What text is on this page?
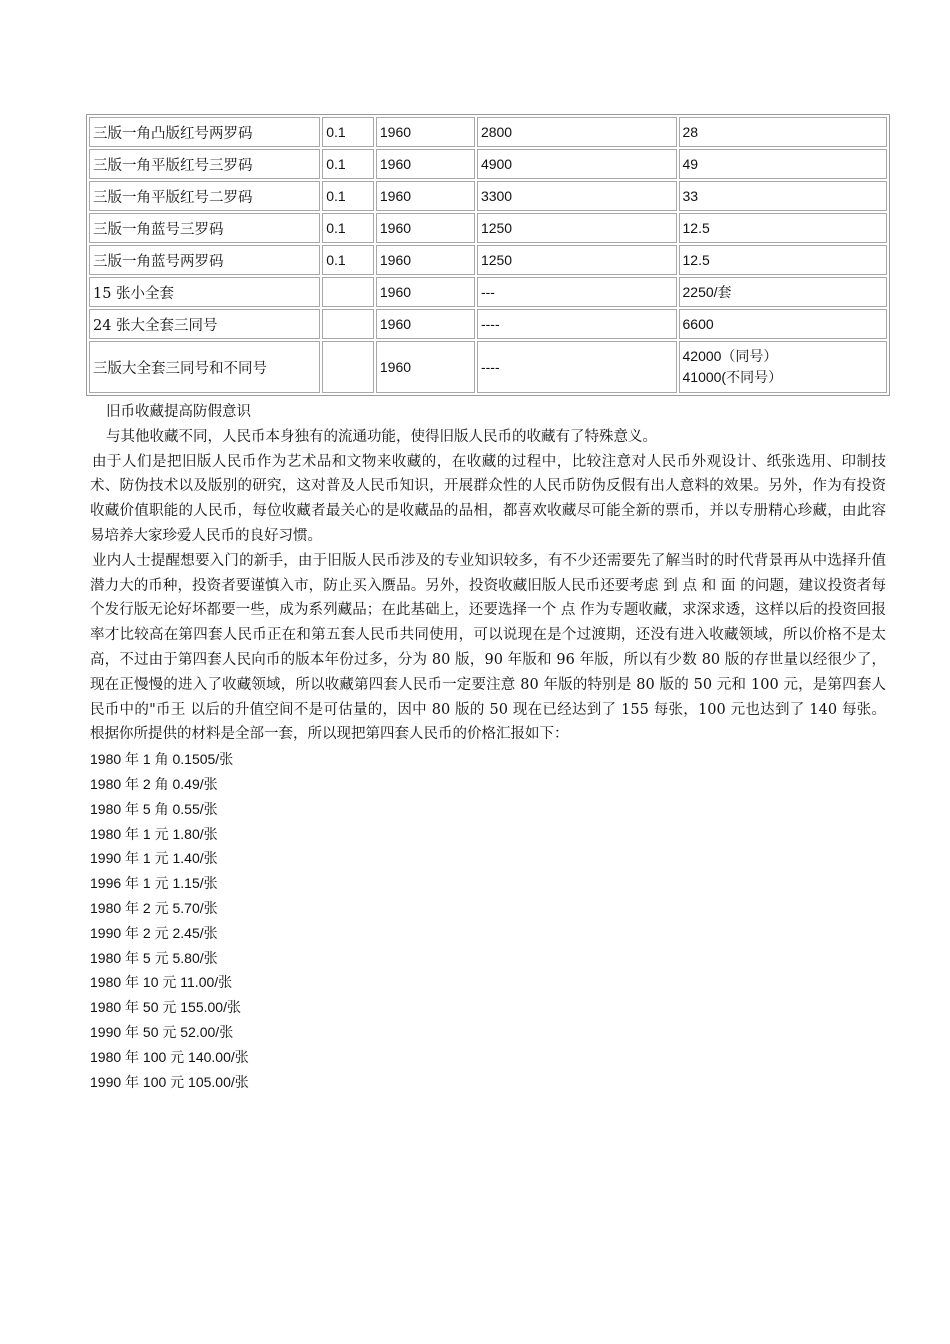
三版一角凸版红号两罗码	0.1	1960	2800	28
三版一角平版红号三罗码	0.1	1960	4900	49
三版一角平版红号二罗码	0.1	1960	3300	33
三版一角蓝号三罗码	0.1	1960	1250	12.5
三版一角蓝号两罗码	0.1	1960	1250	12.5
15 张小全套		1960	---	2250/套
24 张大全套三同号		1960	----	6600
三版大全套三同号和不同号		1960	----	42000（同号）
41000(不同号）

旧币收藏提高防假意识

与其他收藏不同，人民币本身独有的流通功能，使得旧版人民币的收藏有了特殊意义。

由于人们是把旧版人民币作为艺术品和文物来收藏的，在收藏的过程中，比较注意对人民币外观设计、纸张选用、印制技术、防伪技术以及版别的研究，这对普及人民币知识，开展群众性的人民币防伪反假有出人意料的效果。另外，作为有投资收藏价值职能的人民币，每位收藏者最关心的是收藏品的品相，都喜欢收藏尽可能全新的票币，并以专册精心珍藏，由此容易培养大家珍爱人民币的良好习惯。

业内人士提醒想要入门的新手，由于旧版人民币涉及的专业知识较多，有不少还需要先了解当时的时代背景再从中选择升值潜力大的币种，投资者要谨慎入市，防止买入赝品。另外，投资收藏旧版人民币还要考虑 到 点 和 面 的问题，建议投资者每个发行版无论好坏都要一些，成为系列藏品；在此基础上，还要选择一个 点 作为专题收藏，求深求透，这样以后的投资回报率才比较高在第四套人民币正在和第五套人民币共同使用，可以说现在是个过渡期，还没有进入收藏领域，所以价格不是太高，不过由于第四套人民向币的版本年份过多，分为 80 版，90 年版和 96 年版，所以有少数 80 版的存世量以经很少了，现在正慢慢的进入了收藏领域，所以收藏第四套人民币一定要注意 80 年版的特别是 80 版的 50 元和 100 元，是第四套人民币中的"币王 以后的升值空间不是可估量的，因中 80 版的 50 现在已经达到了 155 每张，100 元也达到了 140 每张。根据你所提供的材料是全部一套，所以现把第四套人民币的价格汇报如下：

1980 年 1 角 0.1505/张

1980 年 2 角 0.49/张

1980 年 5 角 0.55/张

1980 年 1 元 1.80/张

1990 年 1 元 1.40/张

1996 年 1 元 1.15/张

1980 年 2 元 5.70/张

1990 年 2 元 2.45/张

1980 年 5 元 5.80/张

1980 年 10 元 11.00/张

1980 年 50 元 155.00/张

1990 年 50 元 52.00/张

1980 年 100 元 140.00/张

1990 年 100 元 105.00/张
